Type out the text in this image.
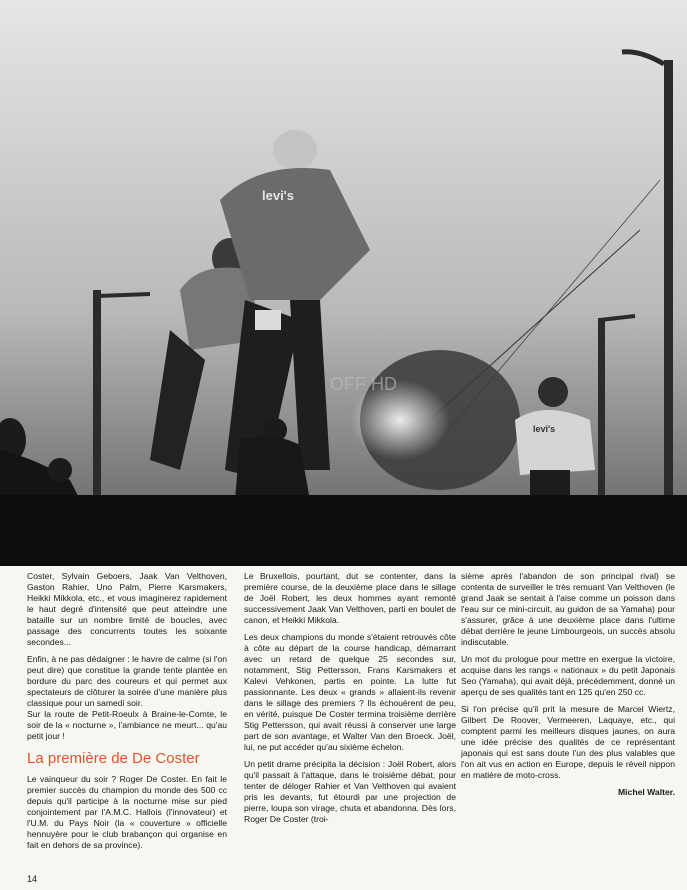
levi's
levi's
OFF HD

Coster, Sylvain Geboers, Jaak Van Velthoven, Gaston Rahier, Uno Palm, Pierre Karsmakers, Heikki Mikkola, etc., et vous imaginerez rapidement le haut degré d'intensité que peut atteindre une bataille sur un nombre limité de boucles, avec passage des concurrents toutes les soixante secondes...

Enfin, à ne pas dédaigner : le havre de calme (si l'on peut dire) que constitue la grande tente plantée en bordure du parc des coureurs et qui permet aux spectateurs de clôturer la soirée d'une manière plus classique pour un samedi soir.

Sur la route de Petit-Roeulx à Braine-le-Comte, le soir de la « nocturne », l'ambiance ne meurt... qu'au petit jour !

La première de De Coster

Le vainqueur du soir ? Roger De Coster. En fait le premier succès du champion du monde des 500 cc depuis qu'il participe à la nocturne mise sur pied conjointement par l'A.M.C. Hallois (l'innovateur) et l'U.M. du Pays Noir (la « couverture » officielle hennuyère pour le club brabançon qui organise en fait en dehors de sa province).

Le Bruxellois, pourtant, dut se contenter, dans la première course, de la deuxième place dans le sillage de Joël Robert, les deux hommes ayant remonté successivement Jaak Van Velthoven, parti en boulet de canon, et Heikki Mikkola.

Les deux champions du monde s'étaient retrouvés côte à côte au départ de la course handicap, démarrant avec un retard de quelque 25 secondes sur, notamment, Stig Pettersson, Frans Karsmakers et Kalevi Vehkonen, partis en pointe. La lutte fut passionnante. Les deux « grands » allaient-ils revenir dans le sillage des premiers ? Ils échouèrent de peu, en vérité, puisque De Coster termina troisième derrière Stig Pettersson, qui avait réussi à conserver une large part de son avantage, et Walter Van den Broeck. Joël, lui, ne put accéder qu'au sixième échelon.

Un petit drame précipita la décision : Joël Robert, alors qu'il passait à l'attaque, dans le troisième débat, pour tenter de déloger Rahier et Van Velthoven qui avaient pris les devants, fut étourdi par une projection de pierre, loupa son virage, chuta et abandonna. Dès lors, Roger De Coster (troi-

sième après l'abandon de son principal rival) se contenta de surveiller le très remuant Van Velthoven (le grand Jaak se sentait à l'aise comme un poisson dans l'eau sur ce mini-circuit, au guidon de sa Yamaha) pour s'assurer, grâce à une deuxième place dans l'ultime débat derrière le jeune Limbourgeois, un succès absolu indiscutable.

Un mot du prologue pour mettre en exergue la victoire, acquise dans les rangs « nationaux » du petit Japonais Seo (Yamaha), qui avait déjà, précédemment, donné un aperçu de ses qualités tant en 125 qu'en 250 cc.

Si l'on précise qu'il prit la mesure de Marcel Wiertz, Gilbert De Roover, Vermeeren, Laquaye, etc., qui comptent parmi les meilleurs disques jaunes, on aura une idée précise des qualités de ce représentant japonais qui est sans doute l'un des plus valables que l'on ait vus en action en Europe, depuis le réveil nippon en matière de moto-cross.

Michel Walter.
14
